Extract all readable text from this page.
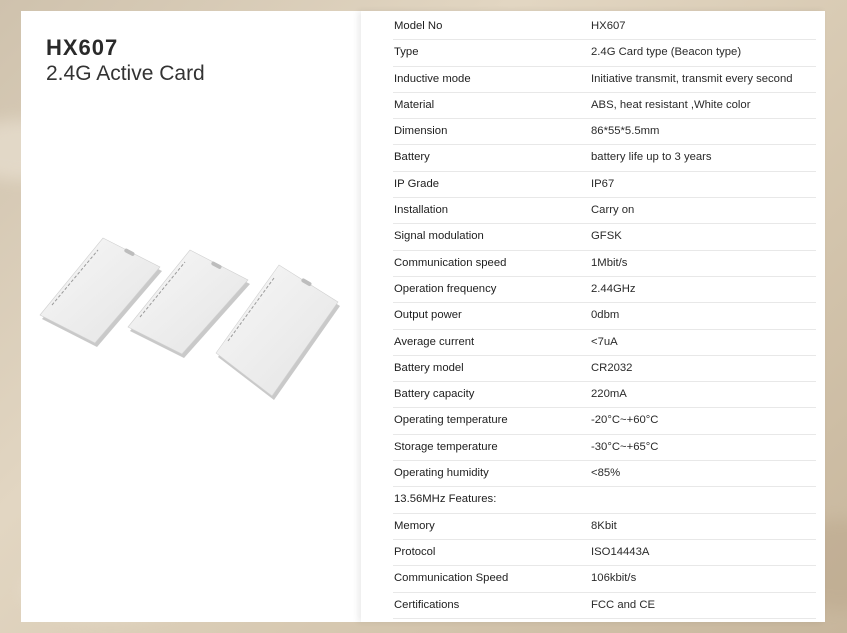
HX607
2.4G Active Card
Model No	HX607
Type	2.4G Card type (Beacon type)
Inductive mode	Initiative transmit, transmit every second
Material	ABS, heat resistant ,White color
Dimension	86*55*5.5mm
Battery	battery life up to 3 years
IP Grade	IP67
Installation	Carry on
Signal modulation	GFSK
Communication speed	1Mbit/s
Operation frequency	2.44GHz
Output power	0dbm
Average current	<7uA
Battery model	CR2032
Battery capacity	220mA
Operating temperature	-20°C~+60°C
Storage temperature	-30°C~+65°C
Operating humidity	<85%
13.56MHz Features:
Memory	8Kbit
Protocol	ISO14443A
Communication Speed	106kbit/s
Certifications	FCC and CE
